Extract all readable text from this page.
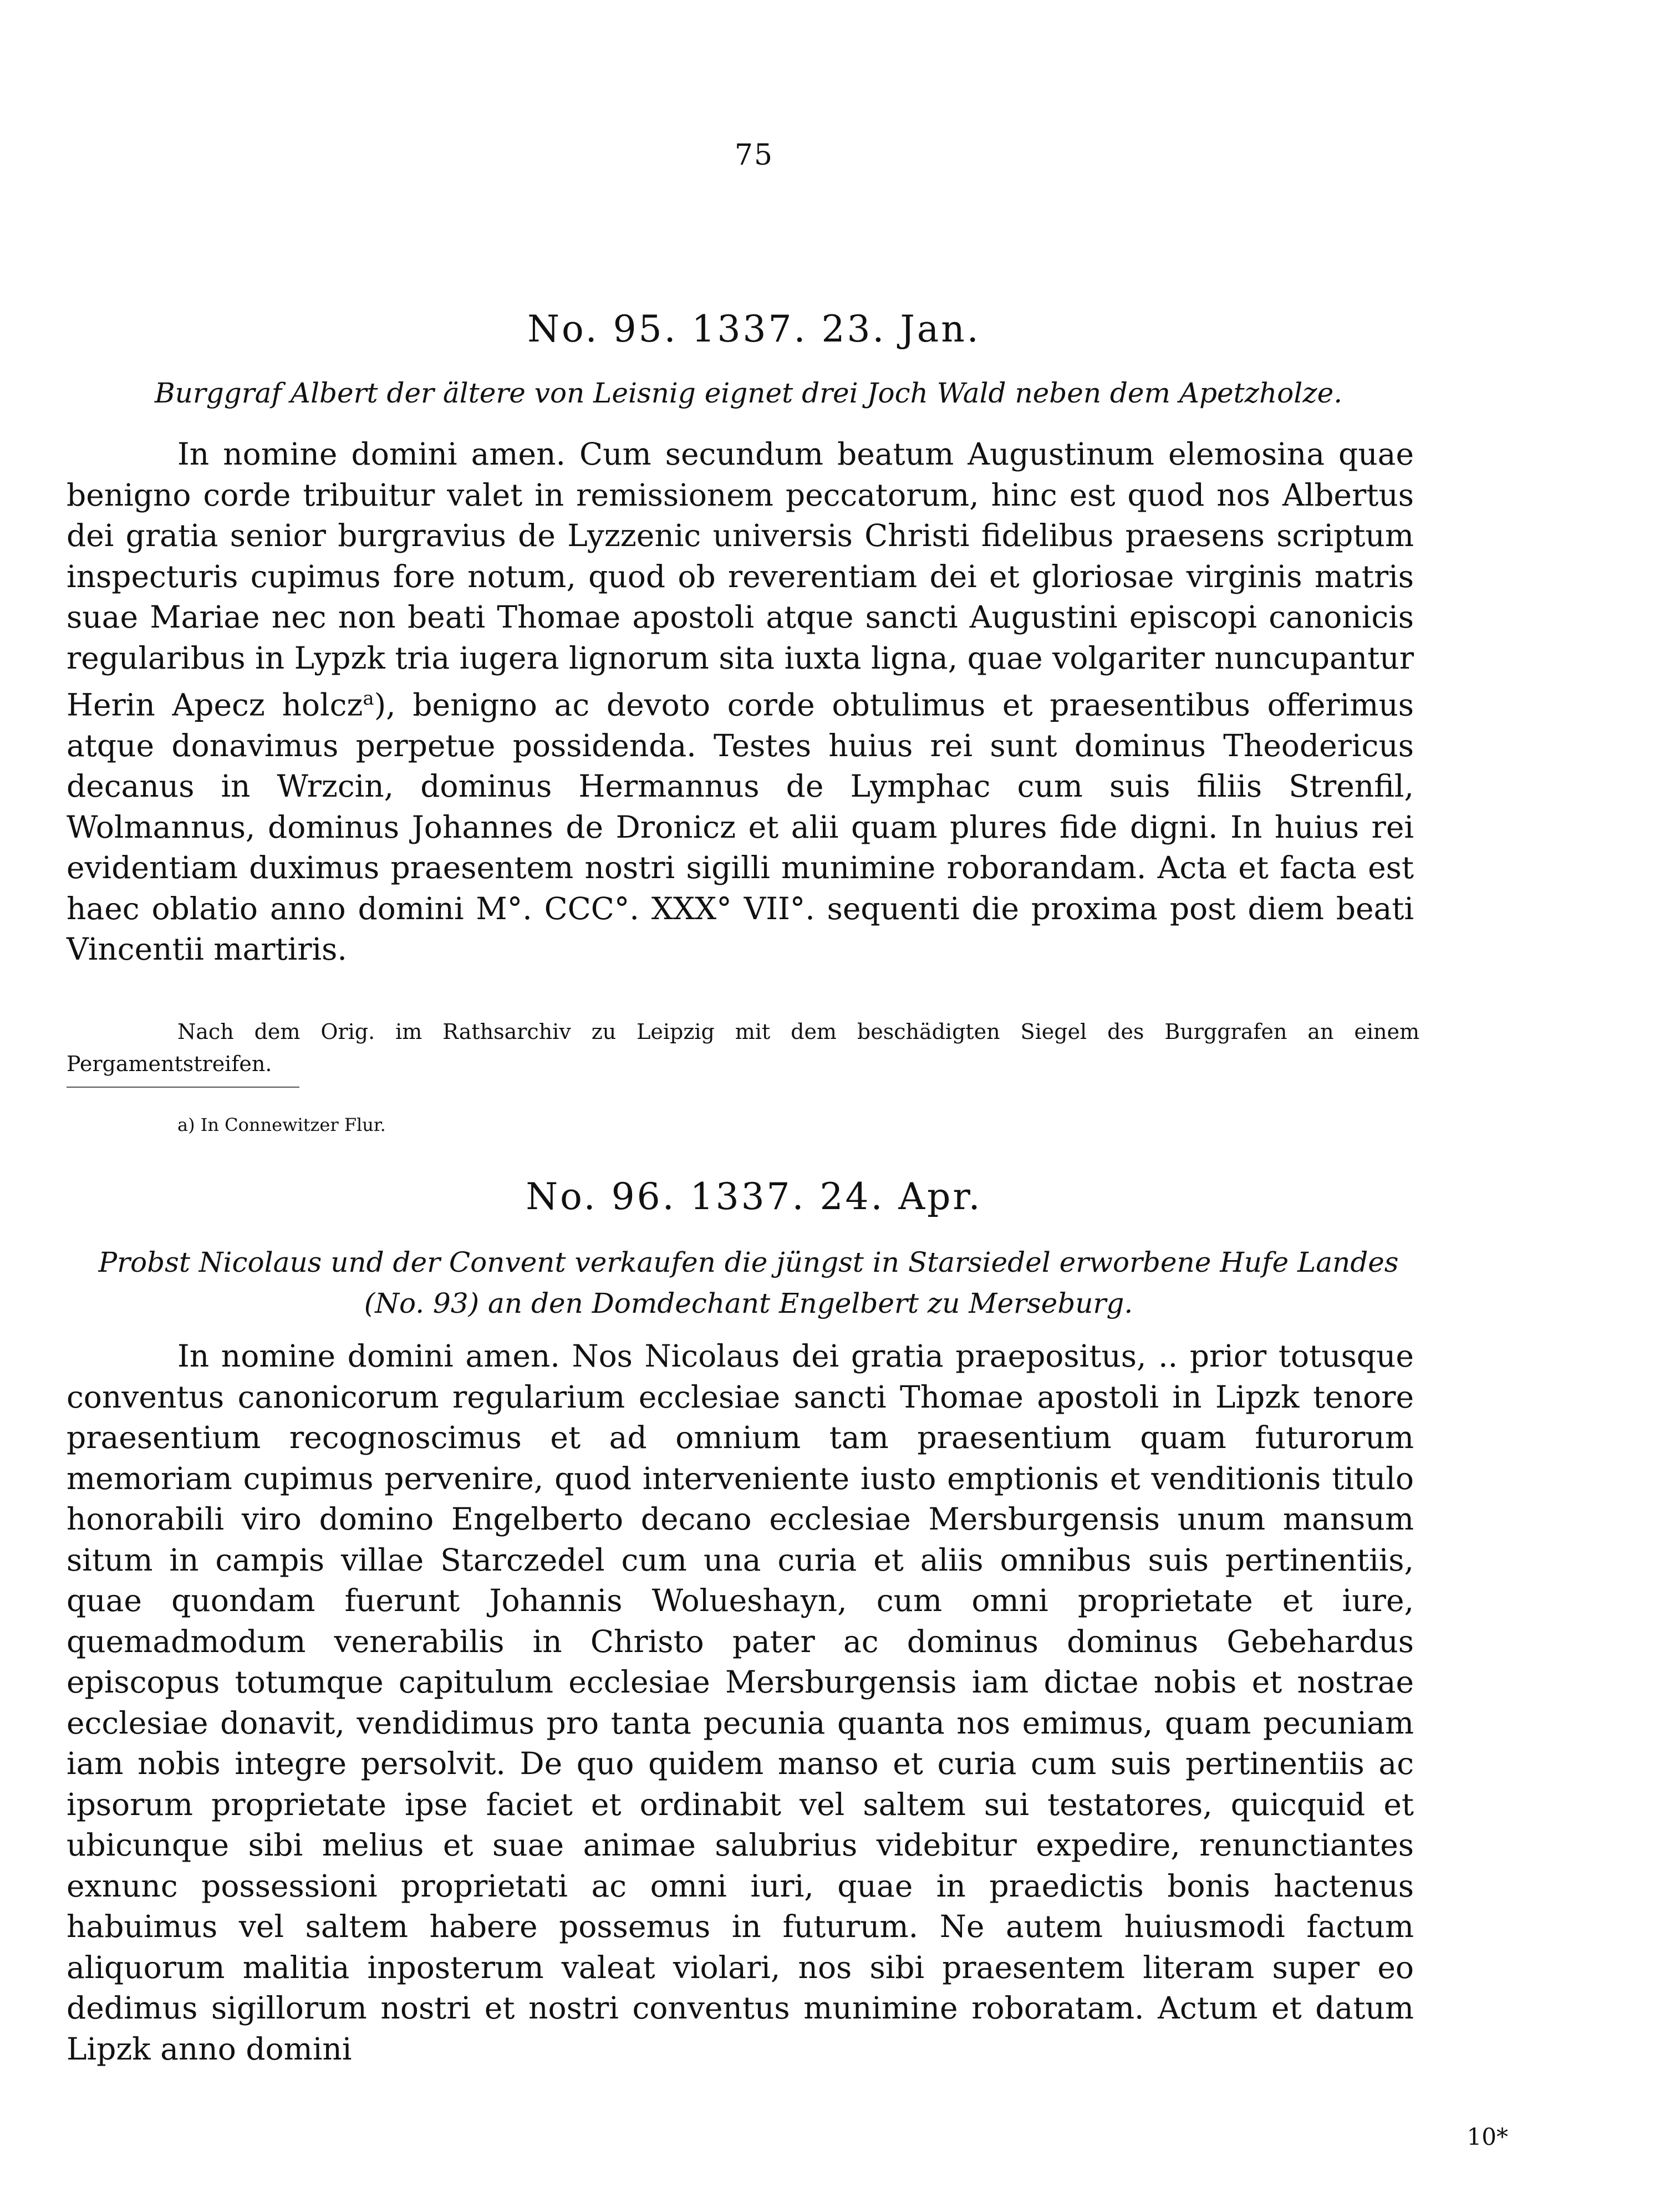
75
No. 95. 1337. 23. Jan.
Burggraf Albert der ältere von Leisnig eignet drei Joch Wald neben dem Apetzholze.

In nomine domini amen. Cum secundum beatum Augustinum elemosina quae benigno corde tribuitur valet in remissionem peccatorum, hinc est quod nos Albertus dei gratia senior burgravius de Lyzzenic universis Christi fidelibus praesens scriptum inspecturis cupimus fore notum, quod ob reverentiam dei et gloriosae virginis matris suae Mariae nec non beati Thomae apostoli atque sancti Augustini episcopi canonicis regularibus in Lypzk tria iugera lignorum sita iuxta ligna, quae volgariter nuncupantur Herin Apecz holcz$^a$), benigno ac devoto corde obtulimus et praesentibus offerimus atque donavimus perpetue possidenda. Testes huius rei sunt dominus Theodericus decanus in Wrzcin, dominus Hermannus de Lymphac cum suis filiis Strenfil, Wolmannus, dominus Johannes de Dronicz et alii quam plures fide digni. In huius rei evidentiam duximus praesentem nostri sigilli munimine roborandam. Acta et facta est haec oblatio anno domini M°. CCC°. XXX° VII°. sequenti die proxima post diem beati Vincentii martiris.

Nach dem Orig. im Rathsarchiv zu Leipzig mit dem beschädigten Siegel des Burggrafen an einem Pergamentstreifen.

a) In Connewitzer Flur.
No. 96. 1337. 24. Apr.
Probst Nicolaus und der Convent verkaufen die jüngst in Starsiedel erworbene Hufe Landes
(No. 93) an den Domdechant Engelbert zu Merseburg.

In nomine domini amen. Nos Nicolaus dei gratia praepositus, .. prior totusque conventus canonicorum regularium ecclesiae sancti Thomae apostoli in Lipzk tenore praesentium recognoscimus et ad omnium tam praesentium quam futurorum memoriam cupimus pervenire, quod interveniente iusto emptionis et venditionis titulo honorabili viro domino Engelberto decano ecclesiae Mersburgensis unum mansum situm in campis villae Starczedel cum una curia et aliis omnibus suis pertinentiis, quae quondam fuerunt Johannis Wolueshayn, cum omni proprietate et iure, quemadmodum venerabilis in Christo pater ac dominus dominus Gebehardus episcopus totumque capitulum ecclesiae Mersburgensis iam dictae nobis et nostrae ecclesiae donavit, vendidimus pro tanta pecunia quanta nos emimus, quam pecuniam iam nobis integre persolvit. De quo quidem manso et curia cum suis pertinentiis ac ipsorum proprietate ipse faciet et ordinabit vel saltem sui testatores, quicquid et ubicunque sibi melius et suae animae salubrius videbitur expedire, renunctiantes exnunc possessioni proprietati ac omni iuri, quae in praedictis bonis hactenus habuimus vel saltem habere possemus in futurum. Ne autem huiusmodi factum aliquorum malitia inposterum valeat violari, nos sibi praesentem literam super eo dedimus sigillorum nostri et nostri conventus munimine roboratam. Actum et datum Lipzk anno domini

10*
